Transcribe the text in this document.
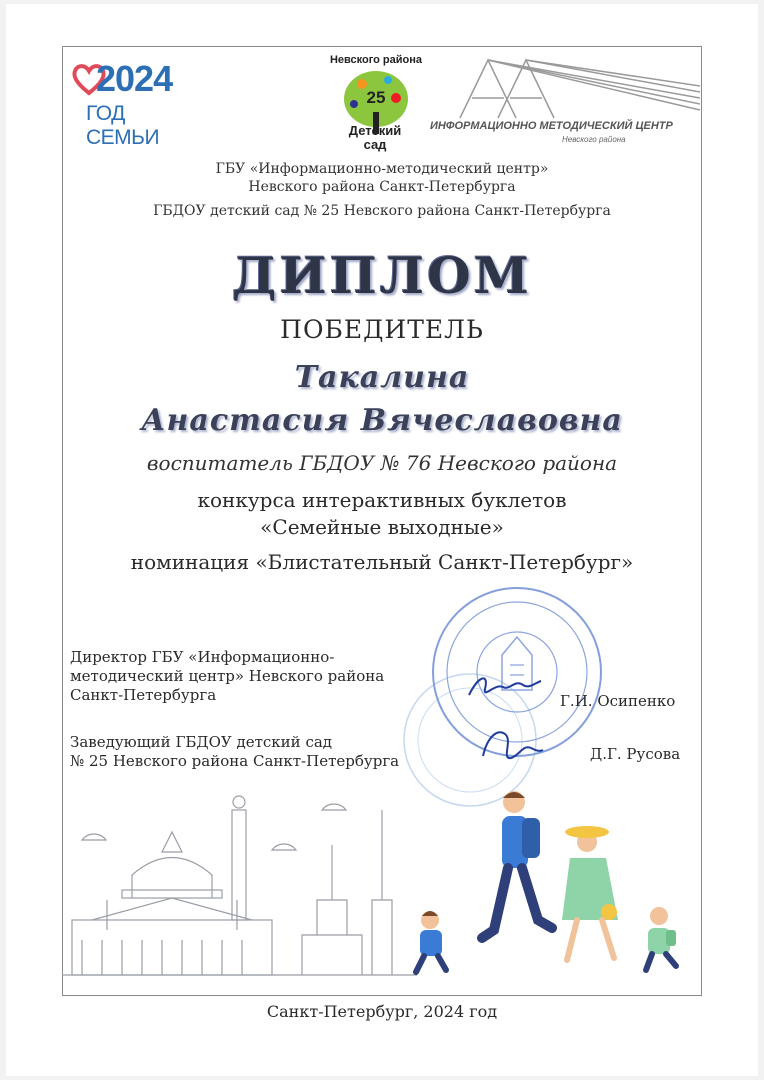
2024
ГОД СЕМЬИ
Невского района
25
Детский сад
ИНФОРМАЦИОННО МЕТОДИЧЕСКИЙ ЦЕНТР
Невского района
ГБУ «Информационно-методический центр»
Невского района Санкт-Петербурга
ГБДОУ детский сад № 25 Невского района Санкт-Петербурга
ДИПЛОМ
ПОБЕДИТЕЛЬ
Такалина
Анастасия Вячеславовна
воспитатель ГБДОУ № 76 Невского района
конкурса интерактивных буклетов
«Семейные выходные»
номинация «Блистательный Санкт-Петербург»
Директор ГБУ «Информационно-
методический центр» Невского района
Санкт-Петербурга	Г.И. Осипенко
Заведующий ГБДОУ детский сад
№ 25 Невского района Санкт-Петербурга	Д.Г. Русова
Санкт-Петербург, 2024 год
